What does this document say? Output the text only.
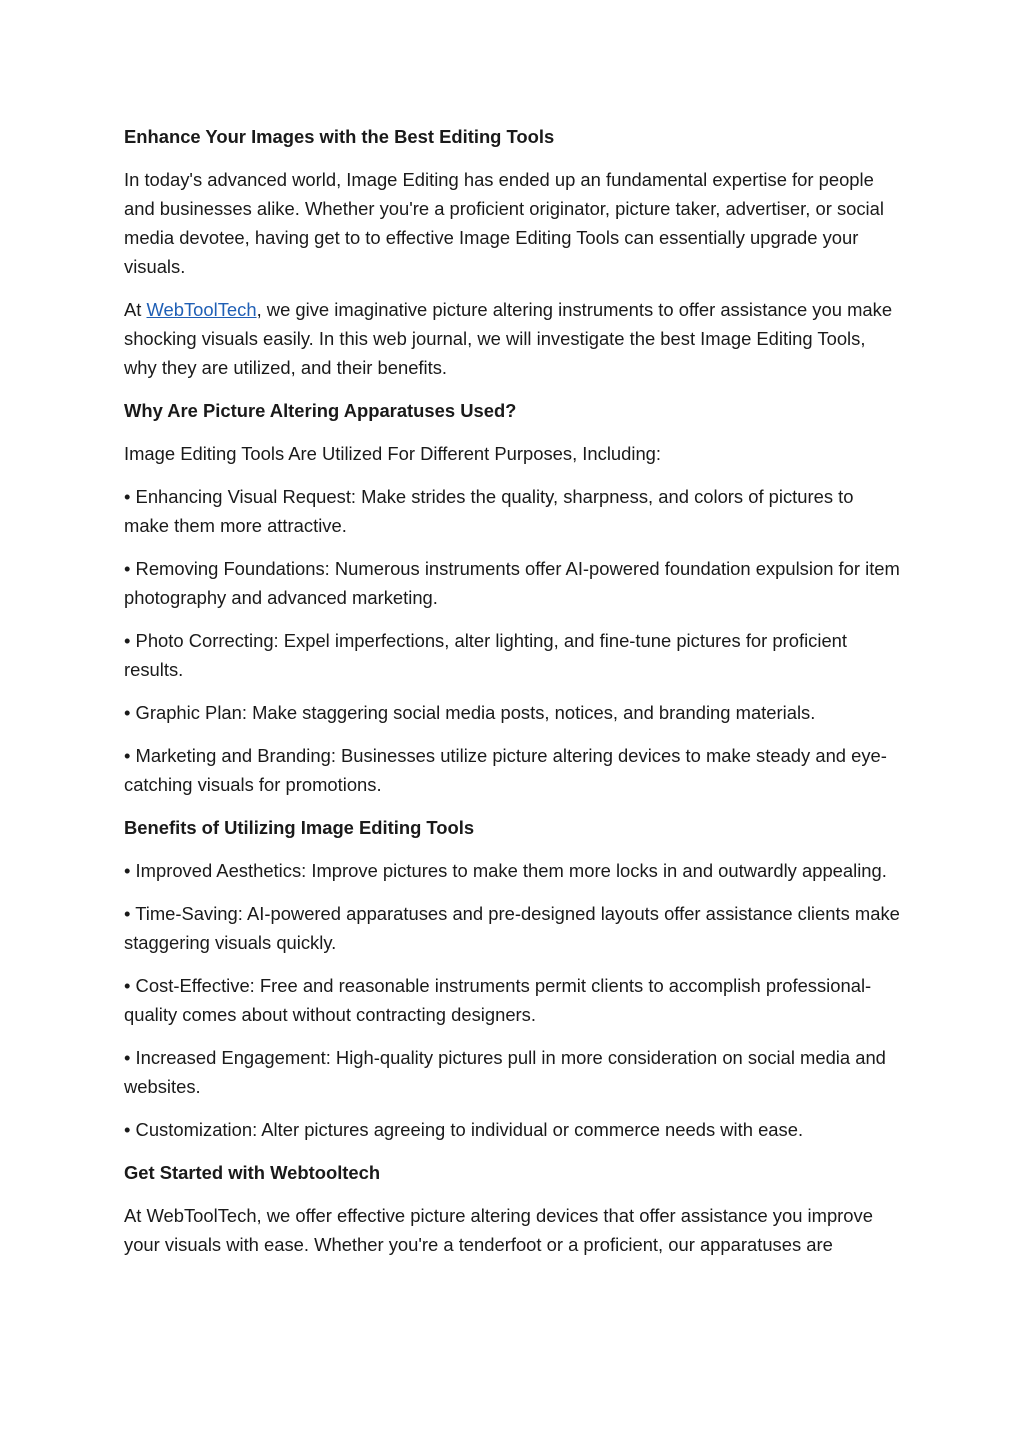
Enhance Your Images with the Best Editing Tools

In today's advanced world, Image Editing has ended up an fundamental expertise for people and businesses alike. Whether you're a proficient originator, picture taker, advertiser, or social media devotee, having get to to effective Image Editing Tools can essentially upgrade your visuals.

At WebToolTech, we give imaginative picture altering instruments to offer assistance you make shocking visuals easily. In this web journal, we will investigate the best Image Editing Tools, why they are utilized, and their benefits.

Why Are Picture Altering Apparatuses Used?

Image Editing Tools Are Utilized For Different Purposes, Including:

• Enhancing Visual Request: Make strides the quality, sharpness, and colors of pictures to make them more attractive.

• Removing Foundations: Numerous instruments offer AI-powered foundation expulsion for item photography and advanced marketing.

• Photo Correcting: Expel imperfections, alter lighting, and fine-tune pictures for proficient results.

• Graphic Plan: Make staggering social media posts, notices, and branding materials.

• Marketing and Branding: Businesses utilize picture altering devices to make steady and eye-catching visuals for promotions.

Benefits of Utilizing Image Editing Tools

• Improved Aesthetics: Improve pictures to make them more locks in and outwardly appealing.

• Time-Saving: AI-powered apparatuses and pre-designed layouts offer assistance clients make staggering visuals quickly.

• Cost-Effective: Free and reasonable instruments permit clients to accomplish professional-quality comes about without contracting designers.

• Increased Engagement: High-quality pictures pull in more consideration on social media and websites.

• Customization: Alter pictures agreeing to individual or commerce needs with ease.

Get Started with Webtooltech

At WebToolTech, we offer effective picture altering devices that offer assistance you improve your visuals with ease. Whether you're a tenderfoot or a proficient, our apparatuses are
